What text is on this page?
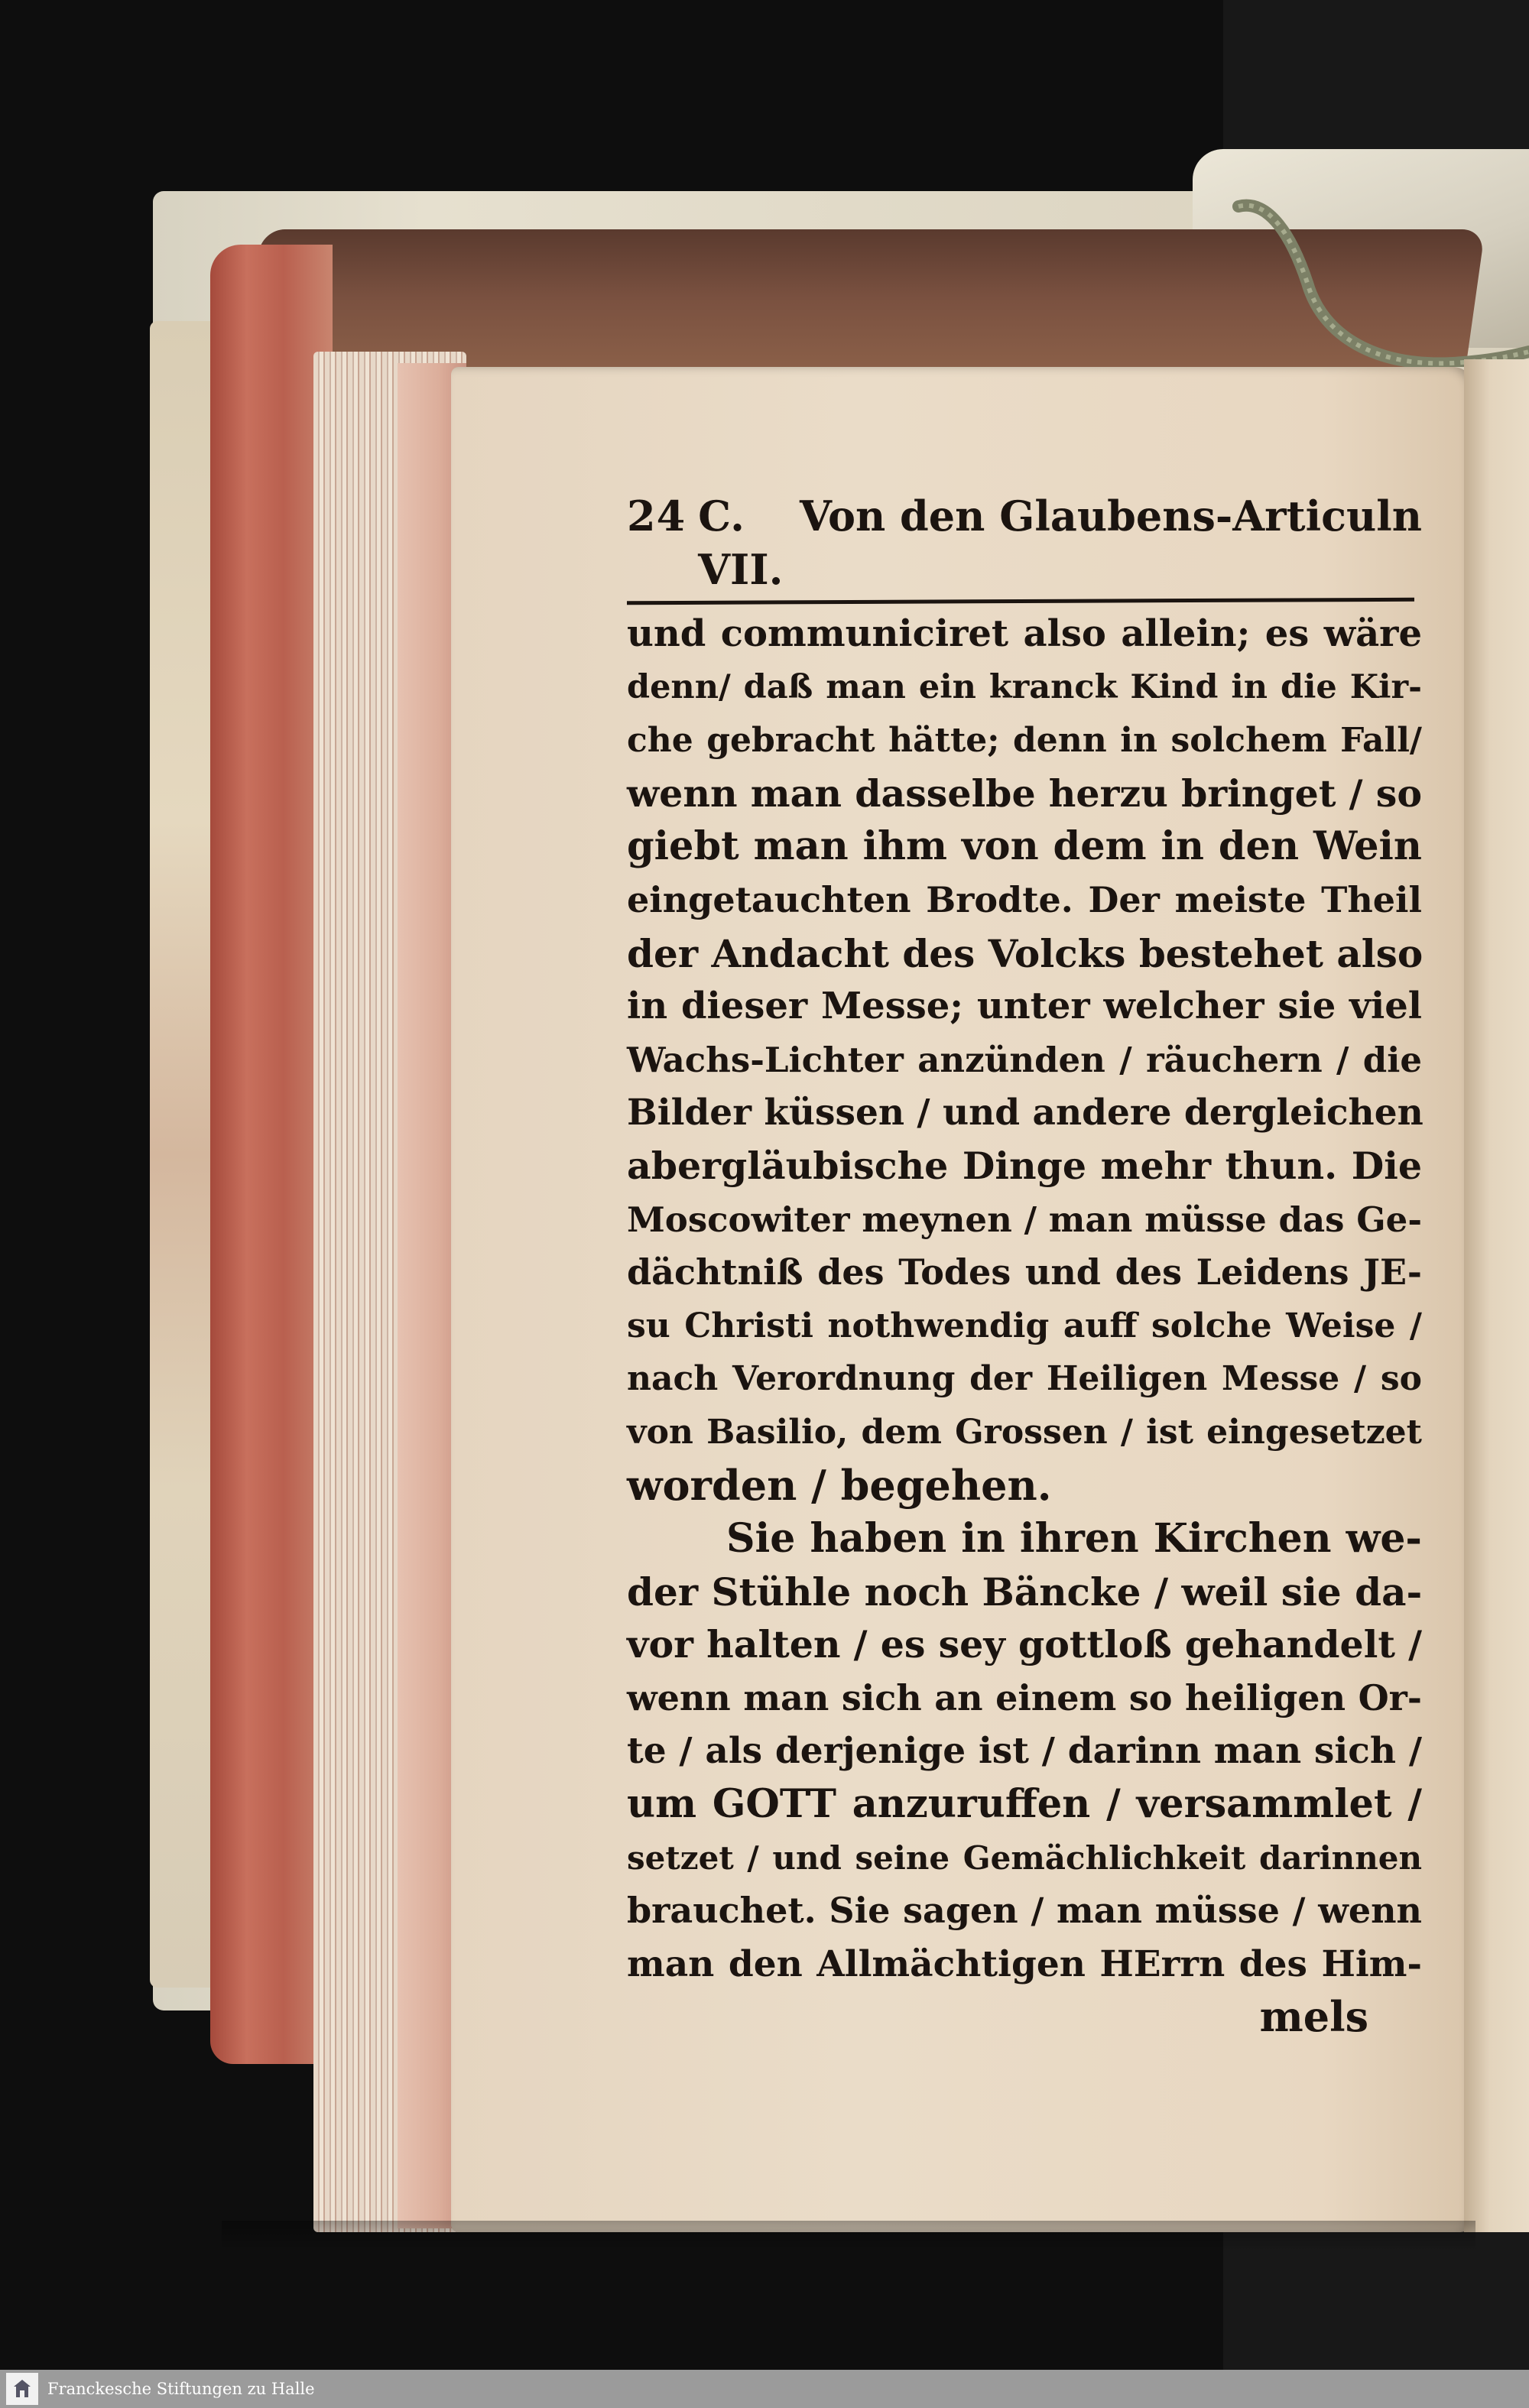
24 C. VII.
Von den Glaubens-Articuln
und communiciret also allein; es wäre
denn/ daß man ein kranck Kind in die Kir-
che gebracht hätte; denn in solchem Fall/
wenn man dasselbe herzu bringet / so
giebt man ihm von dem in den Wein
eingetauchten Brodte. Der meiste Theil
der Andacht des Volcks bestehet also
in dieser Messe; unter welcher sie viel
Wachs-Lichter anzünden / räuchern / die
Bilder küssen / und andere dergleichen
abergläubische Dinge mehr thun. Die
Moscowiter meynen / man müsse das Ge-
dächtniß des Todes und des Leidens JE-
su Christi nothwendig auff solche Weise /
nach Verordnung der Heiligen Messe / so
von Basilio, dem Grossen / ist eingesetzet
worden / begehen.
Sie haben in ihren Kirchen we-
der Stühle noch Bäncke / weil sie da-
vor halten / es sey gottloß gehandelt /
wenn man sich an einem so heiligen Or-
te / als derjenige ist / darinn man sich /
um GOTT anzuruffen / versammlet /
setzet / und seine Gemächlichkeit darinnen
brauchet. Sie sagen / man müsse / wenn
man den Allmächtigen HErrn des Him-
mels
Franckesche Stiftungen zu Halle
